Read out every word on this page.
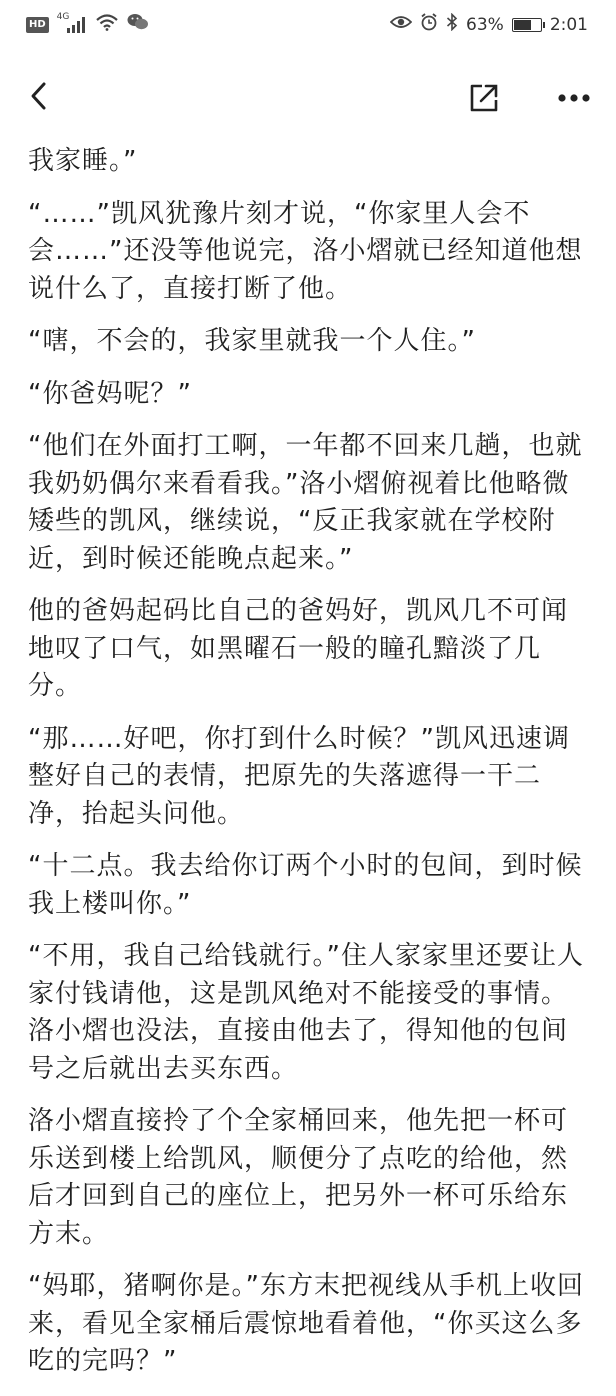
HD
4G	63%	2:01

我家睡。”

“……”凯风犹豫片刻才说，“你家里人会不会……”还没等他说完，洛小熠就已经知道他想说什么了，直接打断了他。

“嗐，不会的，我家里就我一个人住。”

“你爸妈呢？”

“他们在外面打工啊，一年都不回来几趟，也就我奶奶偶尔来看看我。”洛小熠俯视着比他略微矮些的凯风，继续说，“反正我家就在学校附近，到时候还能晚点起来。”

他的爸妈起码比自己的爸妈好，凯风几不可闻地叹了口气，如黑曜石一般的瞳孔黯淡了几分。

“那……好吧，你打到什么时候？”凯风迅速调整好自己的表情，把原先的失落遮得一干二净，抬起头问他。

“十二点。我去给你订两个小时的包间，到时候我上楼叫你。”

“不用，我自己给钱就行。”住人家家里还要让人家付钱请他，这是凯风绝对不能接受的事情。洛小熠也没法，直接由他去了，得知他的包间号之后就出去买东西。

洛小熠直接拎了个全家桶回来，他先把一杯可乐送到楼上给凯风，顺便分了点吃的给他，然后才回到自己的座位上，把另外一杯可乐给东方末。

“妈耶，猪啊你是。”东方末把视线从手机上收回来，看见全家桶后震惊地看着他，“你买这么多吃的完吗？”
